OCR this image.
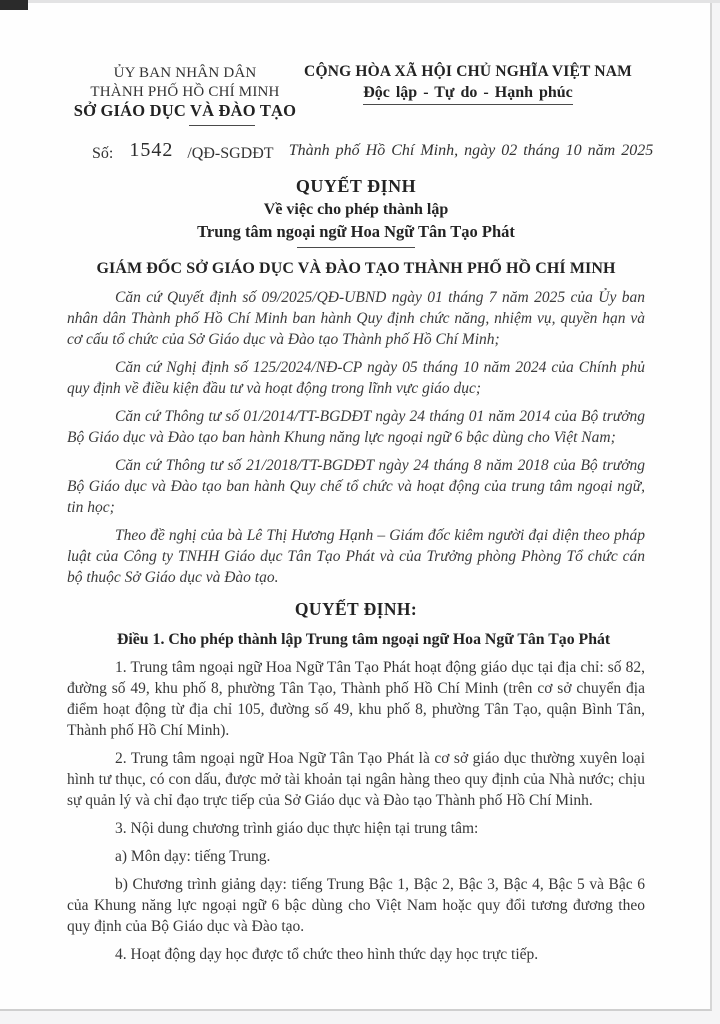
ỦY BAN NHÂN DÂN
THÀNH PHỐ HỒ CHÍ MINH
SỞ GIÁO DỤC VÀ ĐÀO TẠO
CỘNG HÒA XÃ HỘI CHỦ NGHĨA VIỆT NAM
Độc lập - Tự do - Hạnh phúc
Số: 1542 /QĐ-SGDĐT Thành phố Hồ Chí Minh, ngày 02 tháng 10 năm 2025
QUYẾT ĐỊNH
Về việc cho phép thành lập
Trung tâm ngoại ngữ Hoa Ngữ Tân Tạo Phát
GIÁM ĐỐC SỞ GIÁO DỤC VÀ ĐÀO TẠO THÀNH PHỐ HỒ CHÍ MINH

Căn cứ Quyết định số 09/2025/QĐ-UBND ngày 01 tháng 7 năm 2025 của Ủy ban nhân dân Thành phố Hồ Chí Minh ban hành Quy định chức năng, nhiệm vụ, quyền hạn và cơ cấu tổ chức của Sở Giáo dục và Đào tạo Thành phố Hồ Chí Minh;

Căn cứ Nghị định số 125/2024/NĐ-CP ngày 05 tháng 10 năm 2024 của Chính phủ quy định về điều kiện đầu tư và hoạt động trong lĩnh vực giáo dục;

Căn cứ Thông tư số 01/2014/TT-BGDĐT ngày 24 tháng 01 năm 2014 của Bộ trưởng Bộ Giáo dục và Đào tạo ban hành Khung năng lực ngoại ngữ 6 bậc dùng cho Việt Nam;

Căn cứ Thông tư số 21/2018/TT-BGDĐT ngày 24 tháng 8 năm 2018 của Bộ trưởng Bộ Giáo dục và Đào tạo ban hành Quy chế tổ chức và hoạt động của trung tâm ngoại ngữ, tin học;

Theo đề nghị của bà Lê Thị Hương Hạnh – Giám đốc kiêm người đại diện theo pháp luật của Công ty TNHH Giáo dục Tân Tạo Phát và của Trưởng phòng Phòng Tổ chức cán bộ thuộc Sở Giáo dục và Đào tạo.

QUYẾT ĐỊNH:
Điều 1. Cho phép thành lập Trung tâm ngoại ngữ Hoa Ngữ Tân Tạo Phát

1. Trung tâm ngoại ngữ Hoa Ngữ Tân Tạo Phát hoạt động giáo dục tại địa chỉ: số 82, đường số 49, khu phố 8, phường Tân Tạo, Thành phố Hồ Chí Minh (trên cơ sở chuyển địa điểm hoạt động từ địa chỉ 105, đường số 49, khu phố 8, phường Tân Tạo, quận Bình Tân, Thành phố Hồ Chí Minh).

2. Trung tâm ngoại ngữ Hoa Ngữ Tân Tạo Phát là cơ sở giáo dục thường xuyên loại hình tư thục, có con dấu, được mở tài khoản tại ngân hàng theo quy định của Nhà nước; chịu sự quản lý và chỉ đạo trực tiếp của Sở Giáo dục và Đào tạo Thành phố Hồ Chí Minh.

3. Nội dung chương trình giáo dục thực hiện tại trung tâm:

a) Môn dạy: tiếng Trung.

b) Chương trình giảng dạy: tiếng Trung Bậc 1, Bậc 2, Bậc 3, Bậc 4, Bậc 5 và Bậc 6 của Khung năng lực ngoại ngữ 6 bậc dùng cho Việt Nam hoặc quy đổi tương đương theo quy định của Bộ Giáo dục và Đào tạo.

4. Hoạt động dạy học được tổ chức theo hình thức dạy học trực tiếp.
